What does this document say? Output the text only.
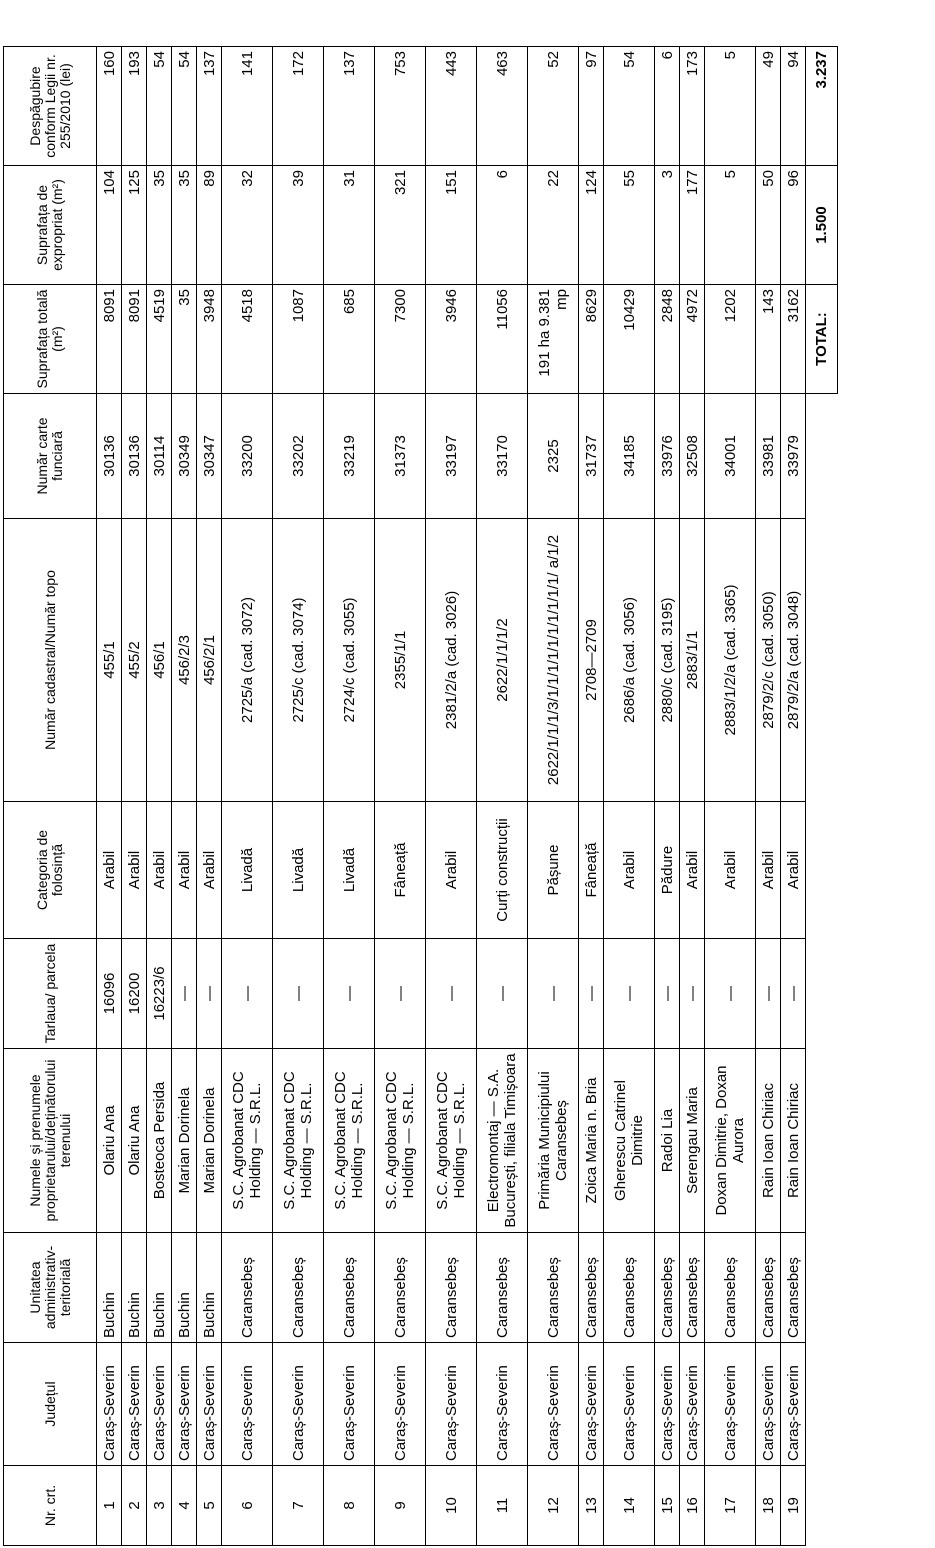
Nr. crt.	Județul	Unitatea administrativ-teritorială	Numele și prenumele proprietarului/deținătorului terenului	Tarlaua/ parcela	Categoria de folosință	Număr cadastral/Număr topo	Număr carte funciară	Suprafața totală (m²)	Suprafața de expropriat (m²)	Despăgubire conform Legii nr. 255/2010 (lei)
1	Caraș-Severin	Buchin	Olariu Ana	16096	Arabil	455/1	30136	8091	104	160
2	Caraș-Severin	Buchin	Olariu Ana	16200	Arabil	455/2	30136	8091	125	193
3	Caraș-Severin	Buchin	Bosteoca Persida	16223/6	Arabil	456/1	30114	4519	35	54
4	Caraș-Severin	Buchin	Marian Dorinela	—	Arabil	456/2/3	30349	35	35	54
5	Caraș-Severin	Buchin	Marian Dorinela	—	Arabil	456/2/1	30347	3948	89	137
6	Caraș-Severin	Caransebeș	S.C. Agrobanat CDC Holding — S.R.L.	—	Livadă	2725/a (cad. 3072)	33200	4518	32	141
7	Caraș-Severin	Caransebeș	S.C. Agrobanat CDC Holding — S.R.L.	—	Livadă	2725/c (cad. 3074)	33202	1087	39	172
8	Caraș-Severin	Caransebeș	S.C. Agrobanat CDC Holding — S.R.L.	—	Livadă	2724/c (cad. 3055)	33219	685	31	137
9	Caraș-Severin	Caransebeș	S.C. Agrobanat CDC Holding — S.R.L.	—	Fâneață	2355/1/1	31373	7300	321	753
10	Caraș-Severin	Caransebeș	S.C. Agrobanat CDC Holding — S.R.L.	—	Arabil	2381/2/a (cad. 3026)	33197	3946	151	443
11	Caraș-Severin	Caransebeș	Electromontaj — S.A. București, filiala Timișoara	—	Curți construcții	2622/1/1/1/2	33170	11056	6	463
12	Caraș-Severin	Caransebeș	Primăria Municipiului Caransebeș	—	Pășune	2622/1/1/1/3/1/1/1/1/1/1/1/1/1/1/ a/1/2	2325	191 ha 9.381 mp	22	52
13	Caraș-Severin	Caransebeș	Zoica Maria n. Bria	—	Fâneață	2708—2709	31737	8629	124	97
14	Caraș-Severin	Caransebeș	Gherescu Catrinel Dimitrie	—	Arabil	2686/a (cad. 3056)	34185	10429	55	54
15	Caraș-Severin	Caransebeș	Radoi Lia	—	Pădure	2880/c (cad. 3195)	33976	2848	3	6
16	Caraș-Severin	Caransebeș	Serengau Maria	—	Arabil	2883/1/1	32508	4972	177	173
17	Caraș-Severin	Caransebeș	Doxan Dimitrie, Doxan Aurora	—	Arabil	2883/1/2/a (cad. 3365)	34001	1202	5	5
18	Caraș-Severin	Caransebeș	Rain Ioan Chiriac	—	Arabil	2879/2/c (cad. 3050)	33981	143	50	49
19	Caraș-Severin	Caransebeș	Rain Ioan Chiriac	—	Arabil	2879/2/a (cad. 3048)	33979	3162	96	94
								TOTAL:	1.500	3.237
